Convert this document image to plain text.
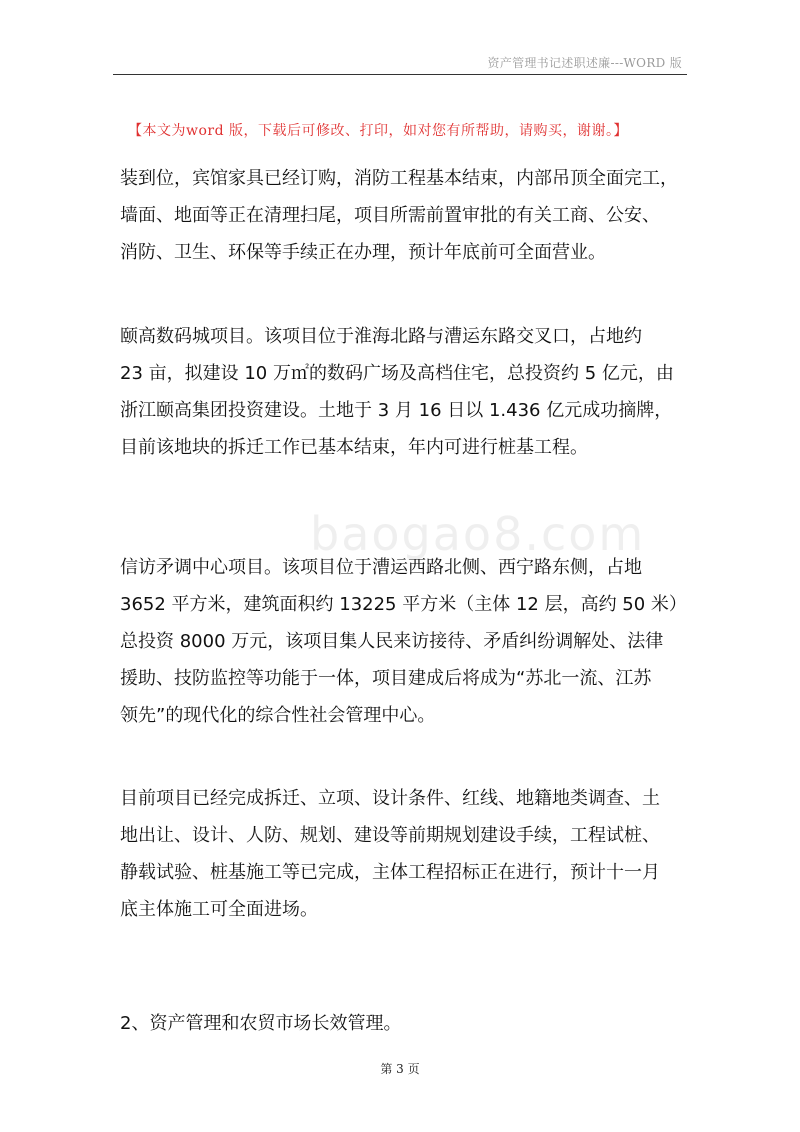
资产管理书记述职述廉---WORD 版
【本文为word 版，下载后可修改、打印，如对您有所帮助，请购买，谢谢。】
baogao8.com
装到位，宾馆家具已经订购，消防工程基本结束，内部吊顶全面完工，
墙面、地面等正在清理扫尾，项目所需前置审批的有关工商、公安、
消防、卫生、环保等手续正在办理，预计年底前可全面营业。
颐高数码城项目。该项目位于淮海北路与漕运东路交叉口，占地约
23 亩，拟建设 10 万㎡的数码广场及高档住宅，总投资约 5 亿元，由
浙江颐高集团投资建设。土地于 3 月 16 日以 1.436 亿元成功摘牌，
目前该地块的拆迁工作已基本结束，年内可进行桩基工程。
信访矛调中心项目。该项目位于漕运西路北侧、西宁路东侧，占地
3652 平方米，建筑面积约 13225 平方米（主体 12 层，高约 50 米）
总投资 8000 万元，该项目集人民来访接待、矛盾纠纷调解处、法律
援助、技防监控等功能于一体，项目建成后将成为“苏北一流、江苏
领先”的现代化的综合性社会管理中心。
目前项目已经完成拆迁、立项、设计条件、红线、地籍地类调查、土
地出让、设计、人防、规划、建设等前期规划建设手续，工程试桩、
静载试验、桩基施工等已完成，主体工程招标正在进行，预计十一月
底主体施工可全面进场。
2、资产管理和农贸市场长效管理。
第 3 页
